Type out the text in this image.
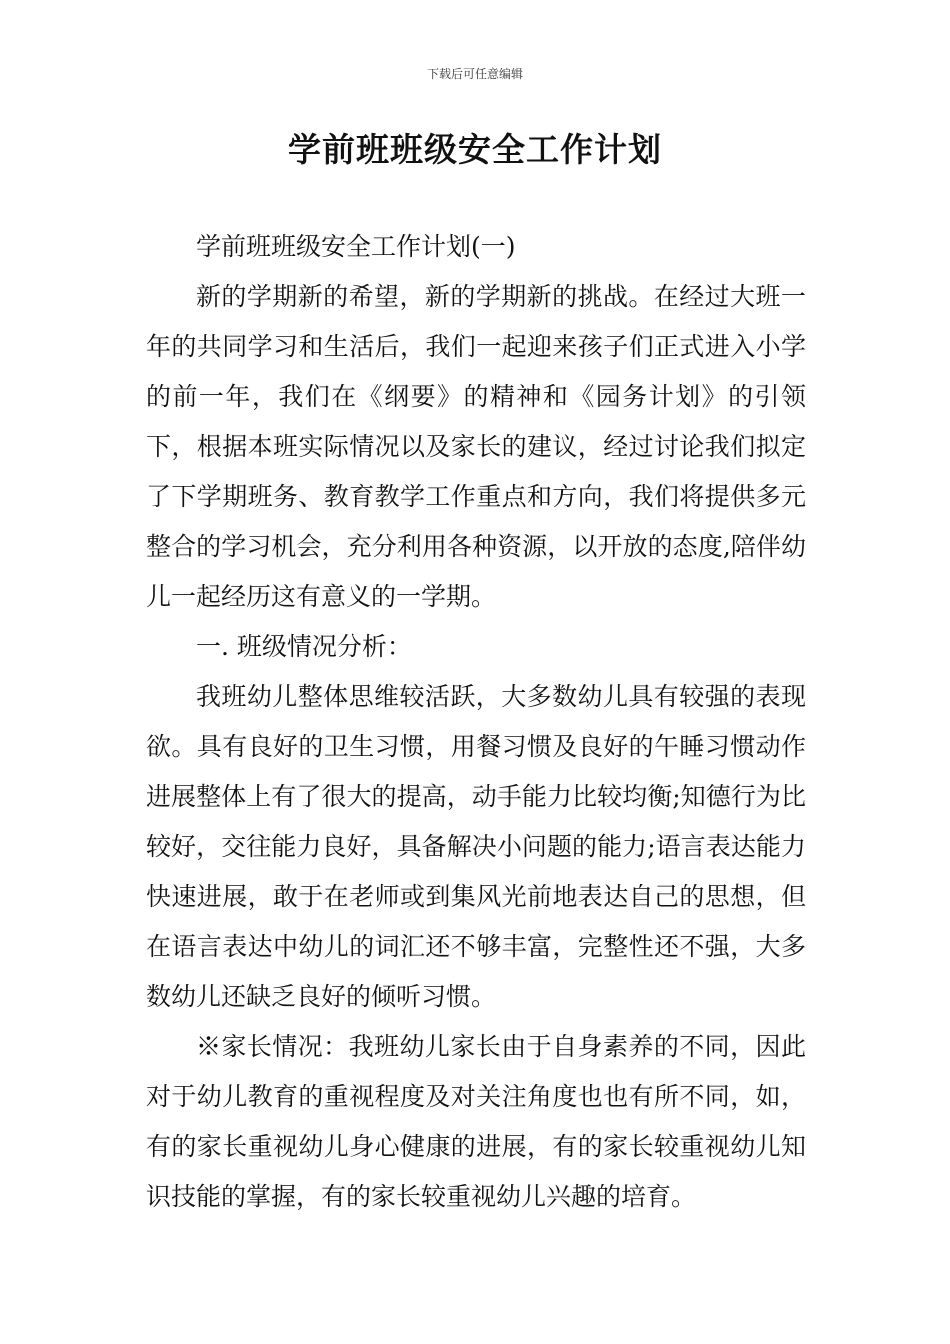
下载后可任意编辑
学前班班级安全工作计划

学前班班级安全工作计划(一)

新的学期新的希望，新的学期新的挑战。在经过大班一年的共同学习和生活后，我们一起迎来孩子们正式进入小学的前一年，我们在《纲要》的精神和《园务计划》的引领下，根据本班实际情况以及家长的建议，经过讨论我们拟定了下学期班务、教育教学工作重点和方向，我们将提供多元整合的学习机会，充分利用各种资源，以开放的态度,陪伴幼儿一起经历这有意义的一学期。

一. 班级情况分析：

我班幼儿整体思维较活跃，大多数幼儿具有较强的表现欲。具有良好的卫生习惯，用餐习惯及良好的午睡习惯动作进展整体上有了很大的提高，动手能力比较均衡;知德行为比较好，交往能力良好，具备解决小问题的能力;语言表达能力快速进展，敢于在老师或到集风光前地表达自己的思想，但在语言表达中幼儿的词汇还不够丰富，完整性还不强，大多数幼儿还缺乏良好的倾听习惯。

※家长情况：我班幼儿家长由于自身素养的不同，因此对于幼儿教育的重视程度及对关注角度也也有所不同，如，有的家长重视幼儿身心健康的进展，有的家长较重视幼儿知识技能的掌握，有的家长较重视幼儿兴趣的培育。
